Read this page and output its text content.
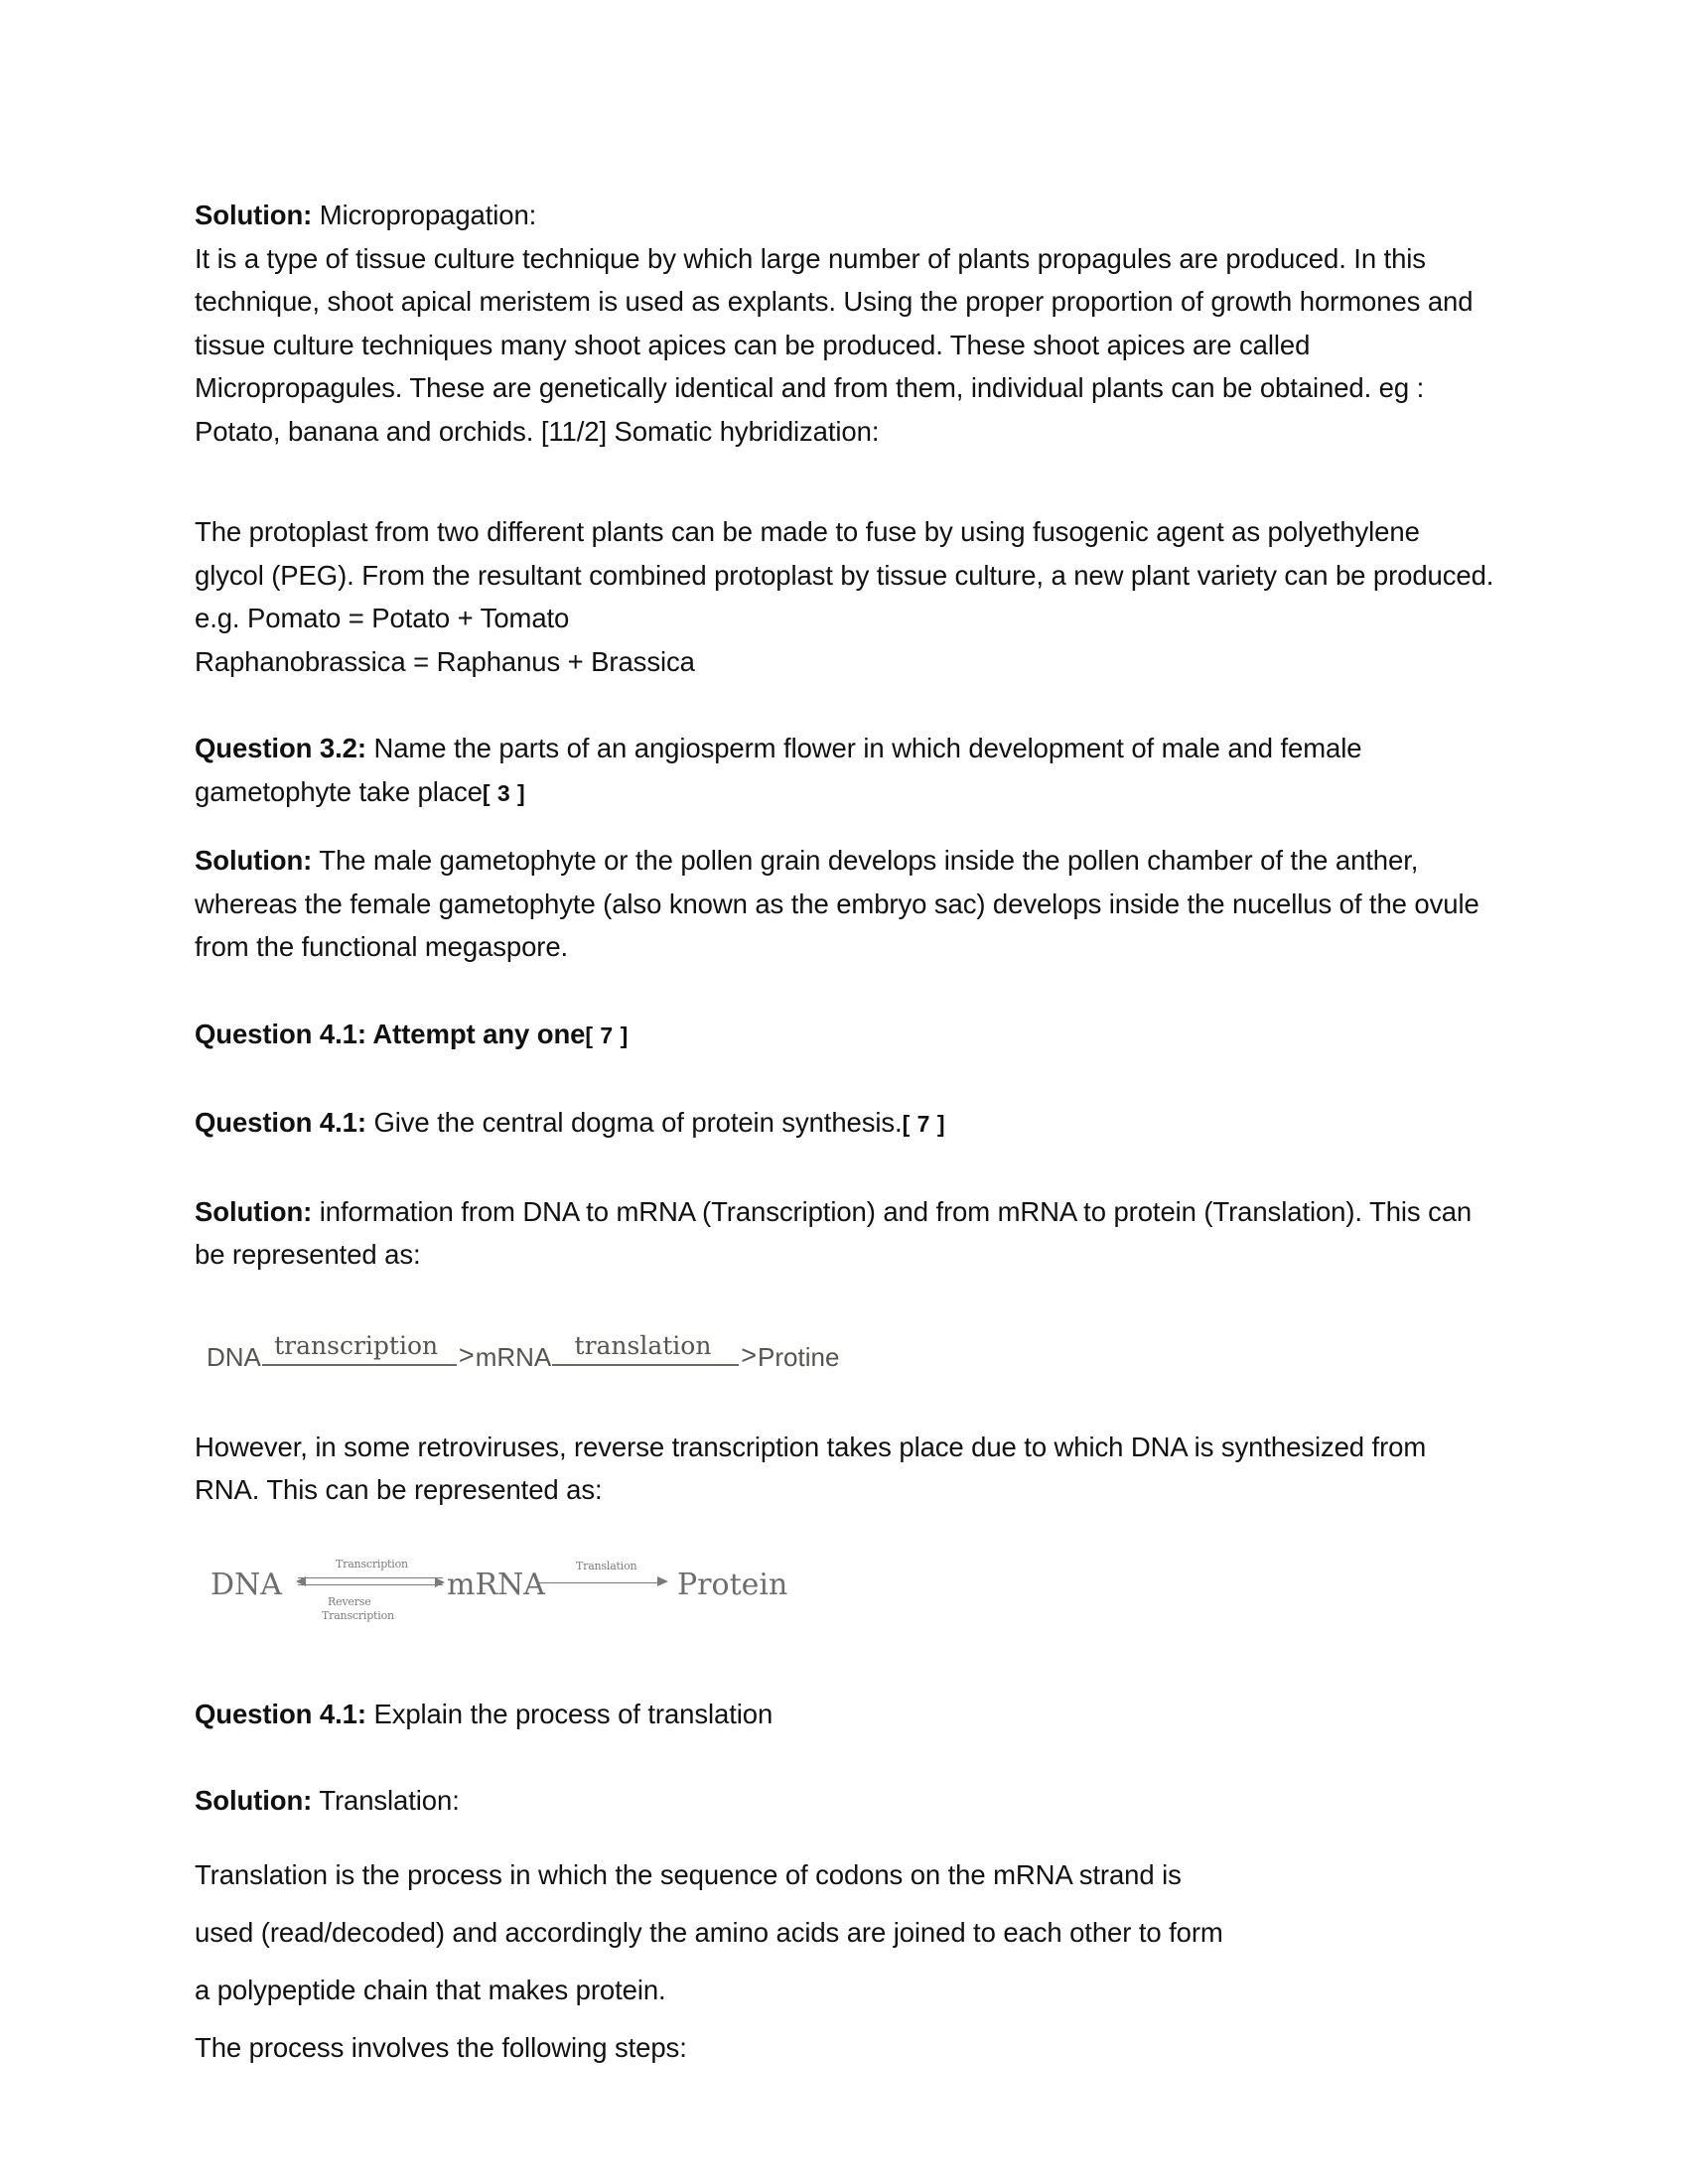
Solution: Micropropagation:

It is a type of tissue culture technique by which large number of plants propagules are produced. In this technique, shoot apical meristem is used as explants. Using the proper proportion of growth hormones and tissue culture techniques many shoot apices can be produced. These shoot apices are called Micropropagules. These are genetically identical and from them, individual plants can be obtained. eg : Potato, banana and orchids. [11/2] Somatic hybridization:

The protoplast from two different plants can be made to fuse by using fusogenic agent as polyethylene glycol (PEG). From the resultant combined protoplast by tissue culture, a new plant variety can be produced.

e.g. Pomato = Potato + Tomato

Raphanobrassica = Raphanus + Brassica

Question 3.2: Name the parts of an angiosperm flower in which development of male and female gametophyte take place[ 3 ]

Solution: The male gametophyte or the pollen grain develops inside the pollen chamber of the anther, whereas the female gametophyte (also known as the embryo sac) develops inside the nucellus of the ovule from the functional megaspore.

Question 4.1: Attempt any one[ 7 ]

Question 4.1: Give the central dogma of protein synthesis.[ 7 ]

Solution: information from DNA to mRNA (Transcription) and from mRNA to protein (Translation). This can be represented as:

DNA transcription > mRNA translation > Protine

However, in some retroviruses, reverse transcription takes place due to which DNA is synthesized from RNA. This can be represented as:

DNA
Transcription
Reverse
Transcription
mRNA
Translation
Protein

Question 4.1: Explain the process of translation

Solution: Translation:

Translation is the process in which the sequence of codons on the mRNA strand is

used (read/decoded) and accordingly the amino acids are joined to each other to form

a polypeptide chain that makes protein.

The process involves the following steps:
